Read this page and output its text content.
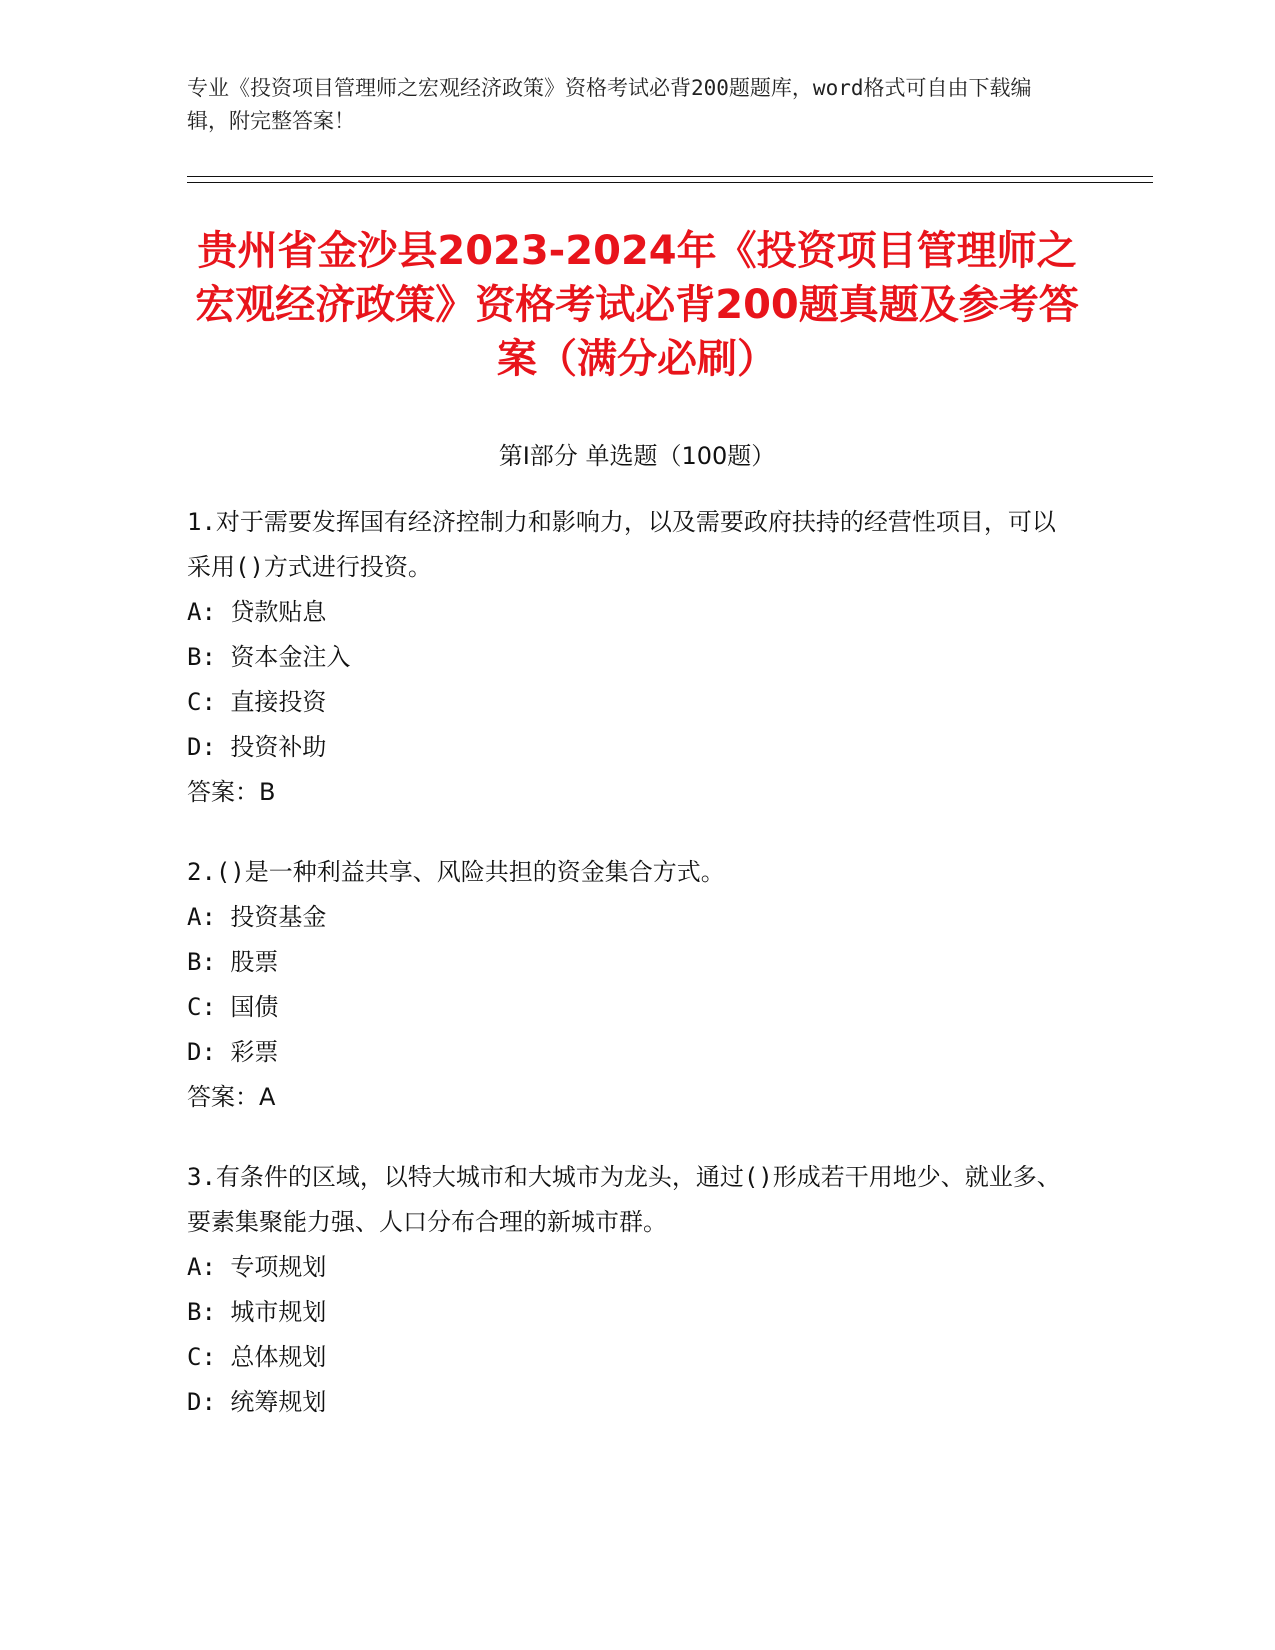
专业《投资项目管理师之宏观经济政策》资格考试必背200题题库，word格式可自由下载编辑，附完整答案！
贵州省金沙县2023-2024年《投资项目管理师之宏观经济政策》资格考试必背200题真题及参考答案（满分必刷）
第I部分 单选题（100题）

1.对于需要发挥国有经济控制力和影响力，以及需要政府扶持的经营性项目，可以采用()方式进行投资。

A: 贷款贴息

B: 资本金注入

C: 直接投资

D: 投资补助

答案：B

2.()是一种利益共享、风险共担的资金集合方式。

A: 投资基金

B: 股票

C: 国债

D: 彩票

答案：A

3.有条件的区域，以特大城市和大城市为龙头，通过()形成若干用地少、就业多、要素集聚能力强、人口分布合理的新城市群。

A: 专项规划

B: 城市规划

C: 总体规划

D: 统筹规划
